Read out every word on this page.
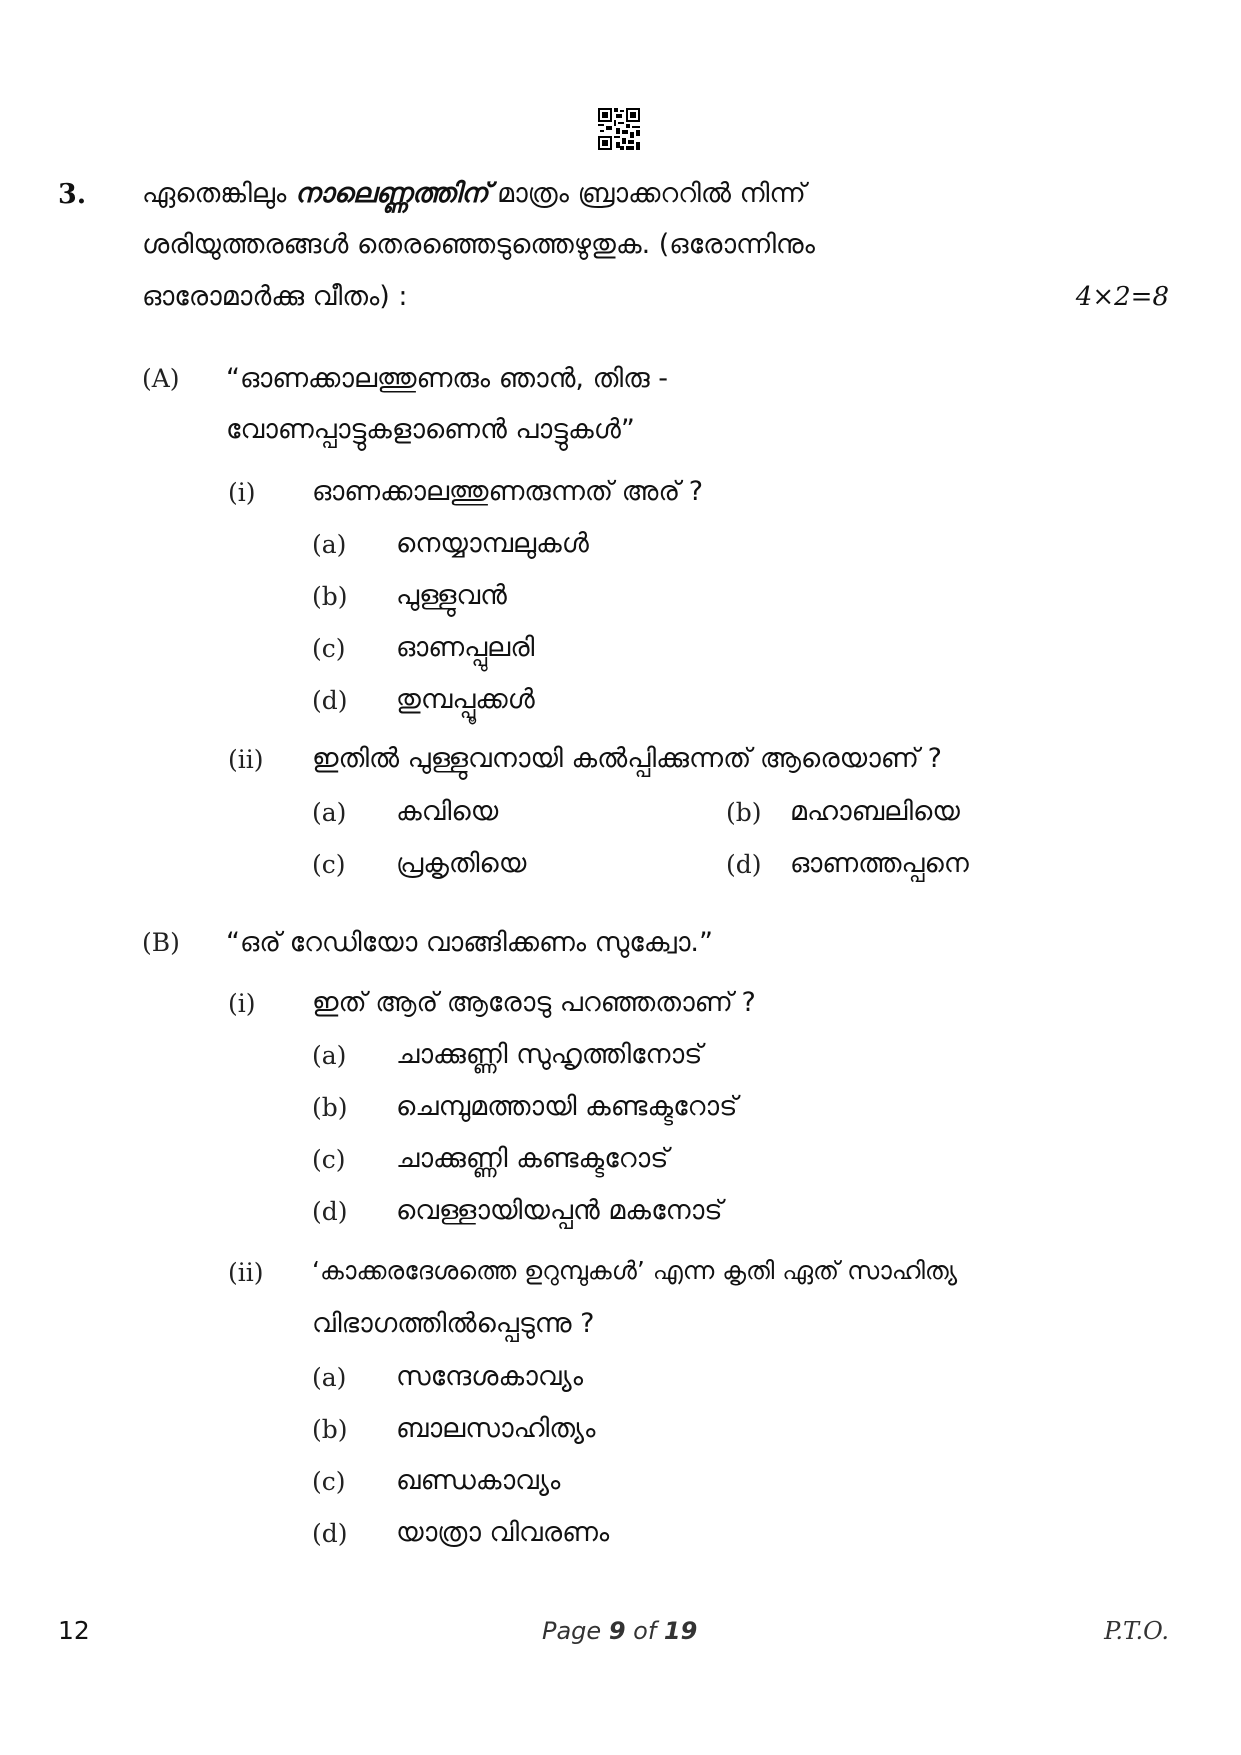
3. ഏതെങ്കിലും നാലെണ്ണത്തിന് മാത്രം ബ്രാക്കററിൽ നിന്ന്
ശരിയുത്തരങ്ങൾ തെരഞ്ഞെടുത്തെഴുതുക. (ഒരോന്നിനും
ഓരോമാർക്കു വീതം) :	4×2=8
(A) “ഓണക്കാലത്തുണരും ഞാൻ, തിരു -
വോണപ്പാട്ടുകളാണെൻ പാട്ടുകൾ”
(i) ഓണക്കാലത്തുണരുന്നത് അര് ?
(a) നെയ്യാമ്പലുകൾ
(b) പുള്ളുവൻ
(c) ഓണപ്പുലരി
(d) തുമ്പപ്പൂക്കൾ
(ii) ഇതിൽ പുള്ളുവനായി കൽപ്പിക്കുന്നത് ആരെയാണ് ?
(a) കവിയെ	(b) മഹാബലിയെ
(c) പ്രകൃതിയെ	(d) ഓണത്തപ്പനെ
(B) “ഒര് റേഡിയോ വാങ്ങിക്കണം സുക്വോ.”
(i) ഇത് ആര് ആരോടു പറഞ്ഞതാണ് ?
(a) ചാക്കുണ്ണി സുഹൃത്തിനോട്
(b) ചെമ്പുമത്തായി കണ്ടക്ടറോട്
(c) ചാക്കുണ്ണി കണ്ടക്ടറോട്
(d) വെള്ളായിയപ്പൻ മകനോട്
(ii) ‘കാക്കരദേശത്തെ ഉറുമ്പുകൾ’ എന്ന കൃതി ഏത് സാഹിത്യ
വിഭാഗത്തിൽപ്പെടുന്നു ?
(a) സന്ദേശകാവ്യം
(b) ബാലസാഹിത്യം
(c) ഖണ്ഡകാവ്യം
(d) യാത്രാ വിവരണം
12	Page 9 of 19	P.T.O.
